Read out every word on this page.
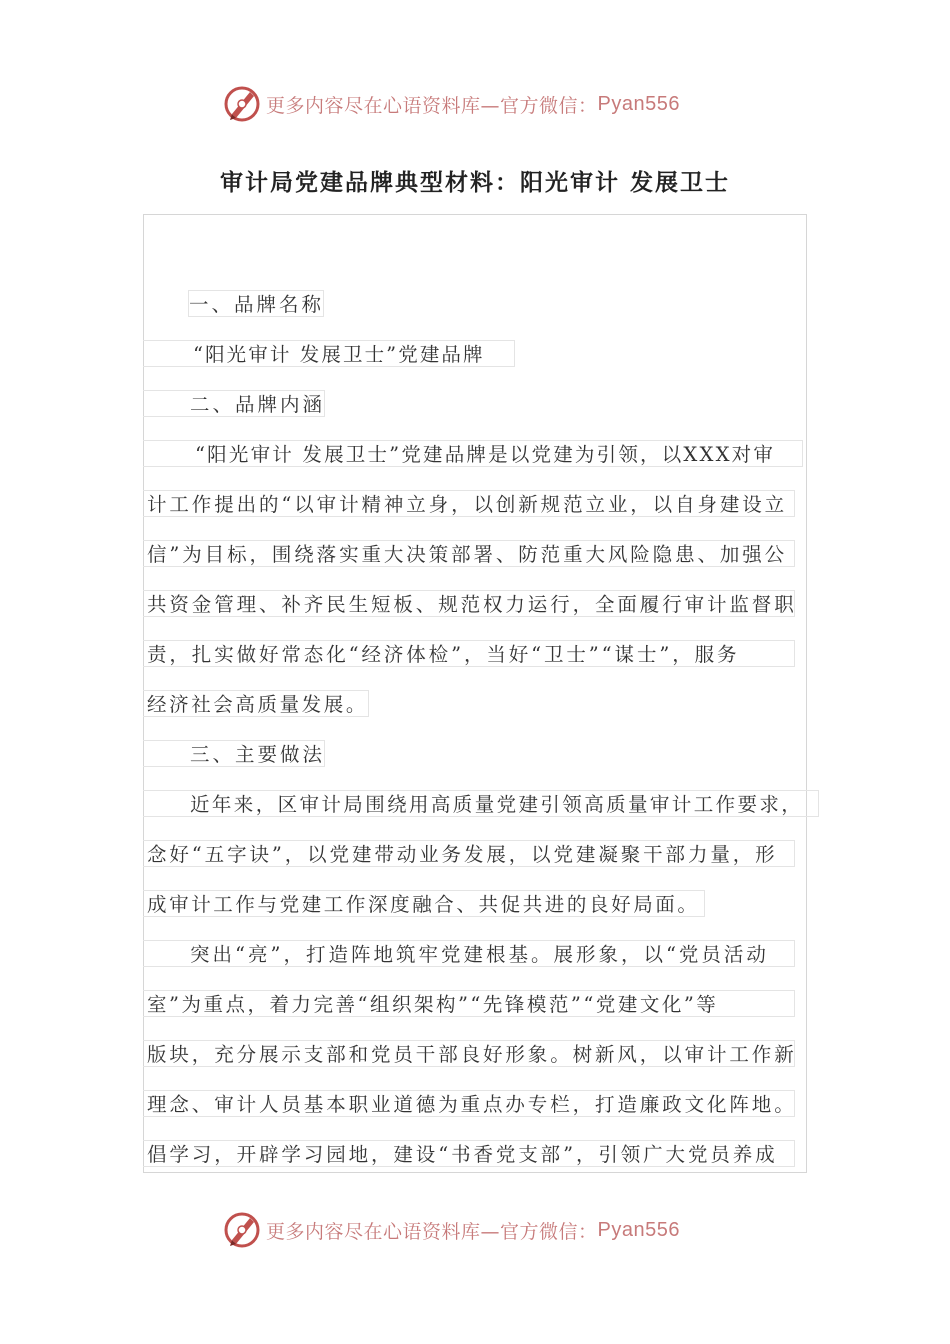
更多内容尽在心语资料库—官方微信： Pyan556
审计局党建品牌典型材料：阳光审计 发展卫士
一、品牌名称
“阳光审计 发展卫士”党建品牌
二、品牌内涵
“阳光审计 发展卫士”党建品牌是以党建为引领，以XXX对审
计工作提出的“以审计精神立身，以创新规范立业，以自身建设立
信”为目标，围绕落实重大决策部署、防范重大风险隐患、加强公
共资金管理、补齐民生短板、规范权力运行，全面履行审计监督职
责，扎实做好常态化“经济体检”，当好“卫士”“谋士”，服务
经济社会高质量发展。
三、主要做法
近年来，区审计局围绕用高质量党建引领高质量审计工作要求，
念好“五字诀”，以党建带动业务发展，以党建凝聚干部力量，形
成审计工作与党建工作深度融合、共促共进的良好局面。
突出“亮”，打造阵地筑牢党建根基。展形象，以“党员活动
室”为重点，着力完善“组织架构”“先锋模范”“党建文化”等
版块，充分展示支部和党员干部良好形象。树新风，以审计工作新
理念、审计人员基本职业道德为重点办专栏，打造廉政文化阵地。
倡学习，开辟学习园地，建设“书香党支部”，引领广大党员养成
更多内容尽在心语资料库—官方微信： Pyan556
